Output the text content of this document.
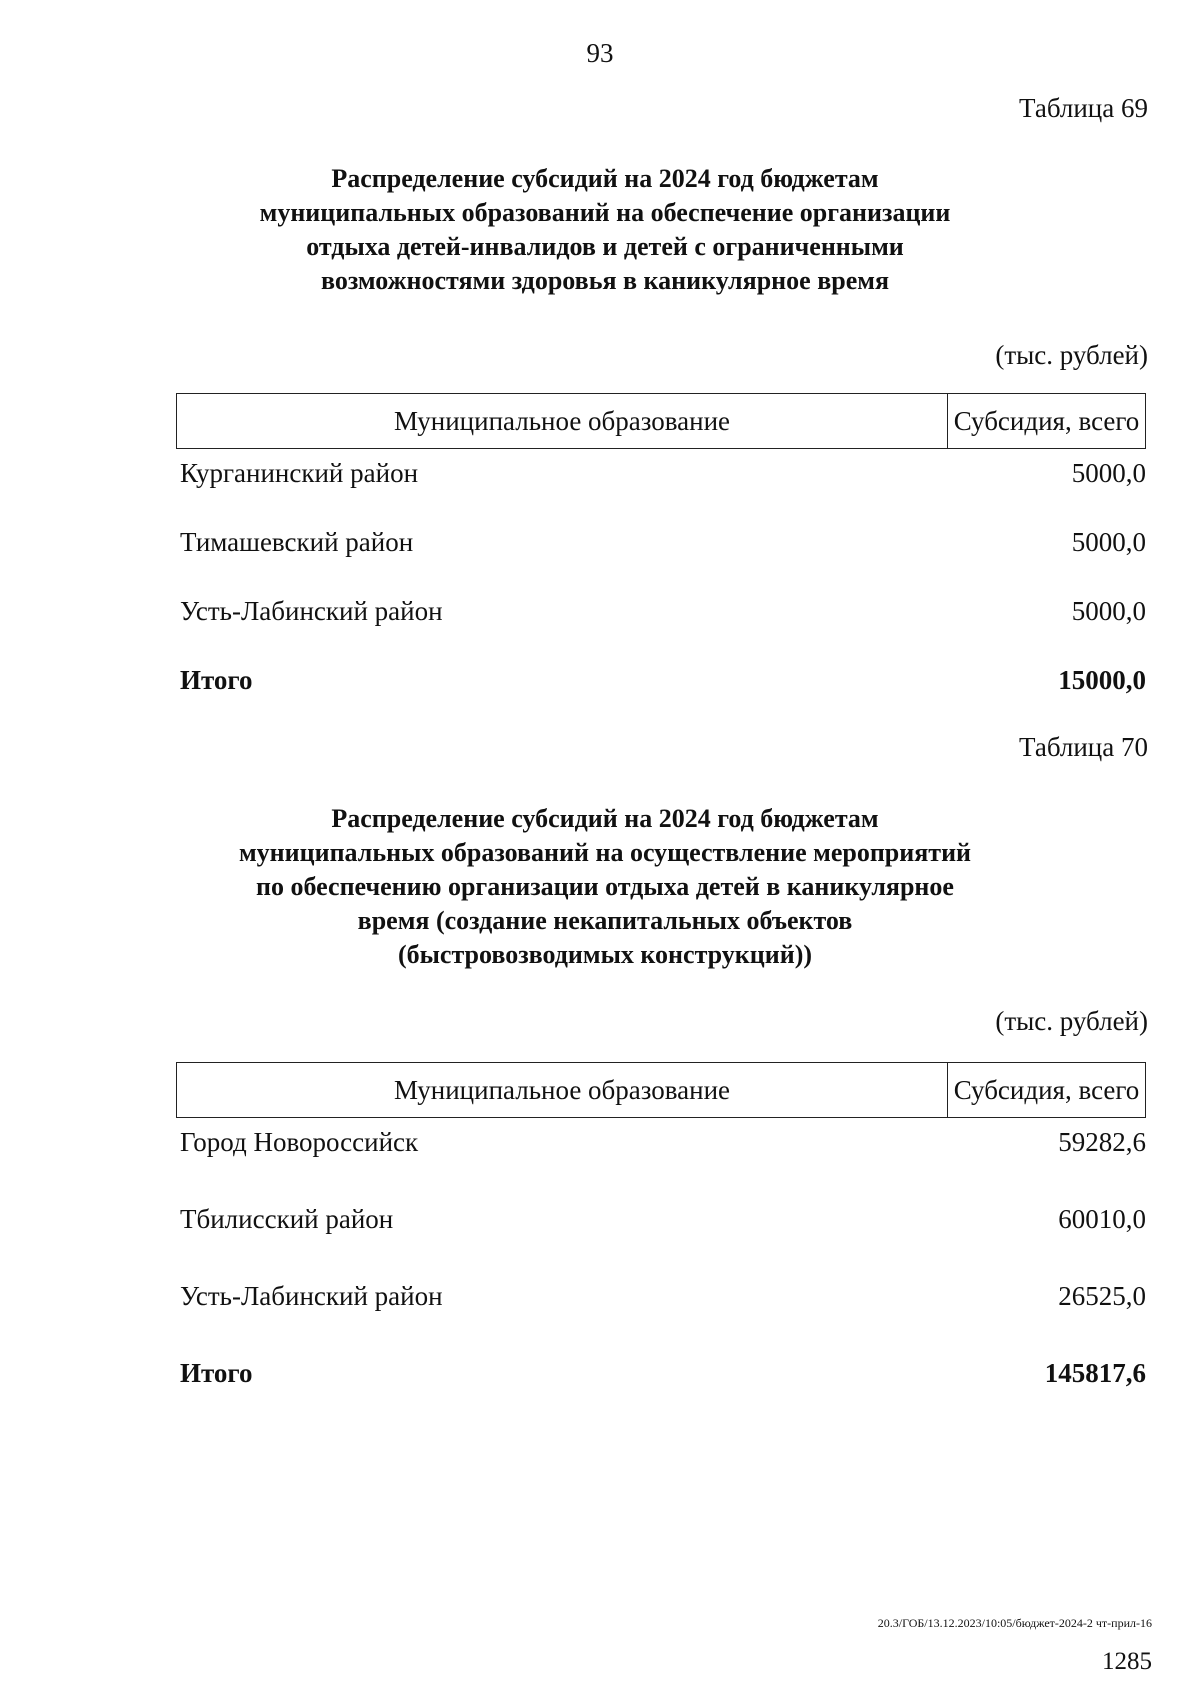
93
Таблица 69
Распределение субсидий на 2024 год бюджетам
муниципальных образований на обеспечение организации
отдыха детей-инвалидов и детей с ограниченными
возможностями здоровья в каникулярное время
(тыс. рублей)
Муниципальное образование	Субсидия, всего
Курганинский район	5000,0
Тимашевский район	5000,0
Усть-Лабинский район	5000,0
Итого	15000,0
Таблица 70
Распределение субсидий на 2024 год бюджетам
муниципальных образований на осуществление мероприятий
по обеспечению организации отдыха детей в каникулярное
время (создание некапитальных объектов
(быстровозводимых конструкций))
(тыс. рублей)
Муниципальное образование	Субсидия, всего
Город Новороссийск	59282,6
Тбилисский район	60010,0
Усть-Лабинский район	26525,0
Итого	145817,6
20.3/ГОБ/13.12.2023/10:05/бюджет-2024-2 чт-прил-16
1285
